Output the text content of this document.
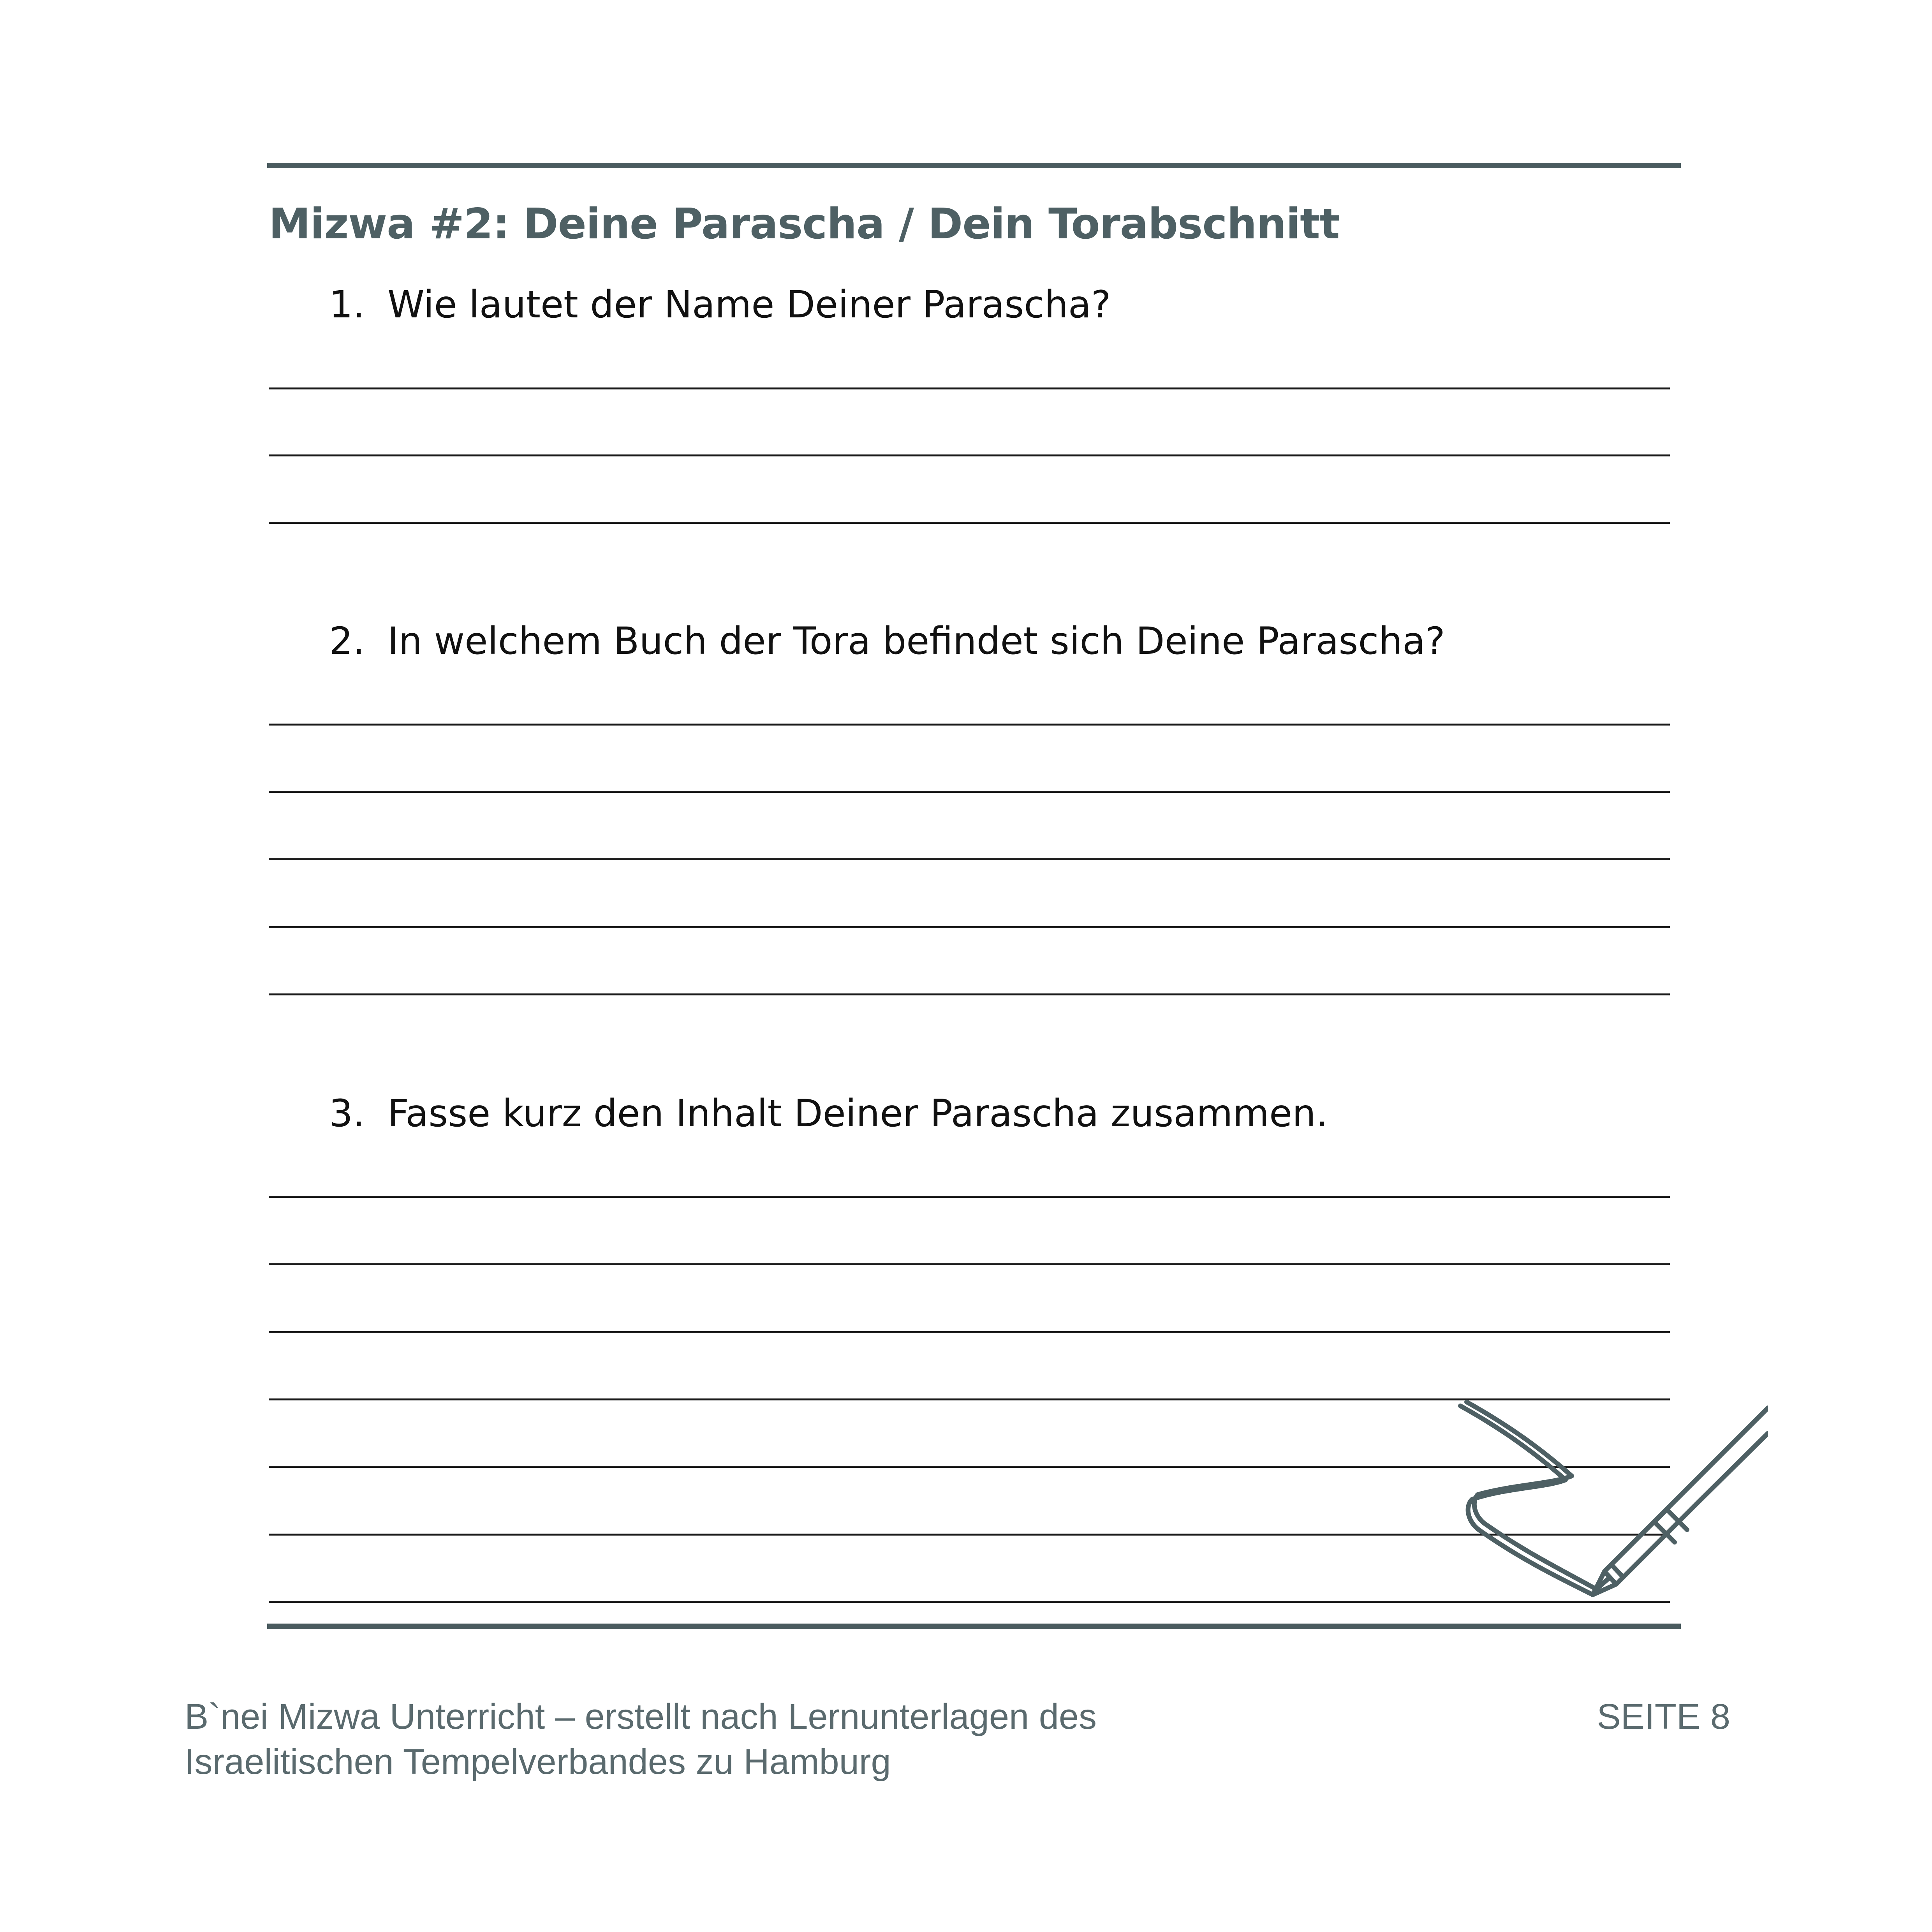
Mizwa #2: Deine Parascha / Dein Torabschnitt
1. Wie lautet der Name Deiner Parascha?
2. In welchem Buch der Tora befindet sich Deine Parascha?
3. Fasse kurz den Inhalt Deiner Parascha zusammen.
B`nei Mizwa Unterricht – erstellt nach Lernunterlagen des
Israelitischen Tempelverbandes zu Hamburg
SEITE 8
